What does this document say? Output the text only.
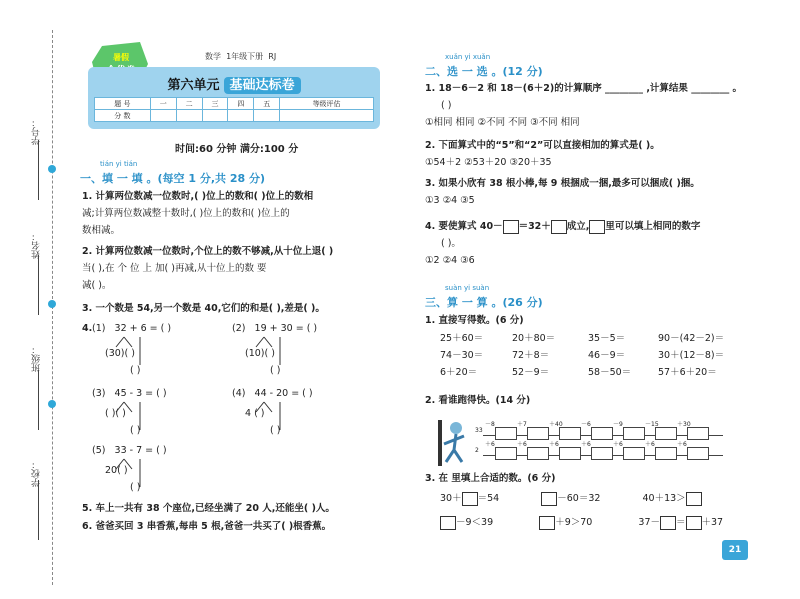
学号：
姓名：
班级：
学校：
暑假	数学 1年级下册 RJ
第六单元 基础达标卷
题 号	一	二	三	四	五	等级评估
分 数						
时间:60 分钟 满分:100 分
tián yi tián
一、填 一 填 。(每空 1 分,共 28 分)
1. 计算两位数减一位数时,( )位上的数和( )位上的数相
减;计算两位数减整十数时,( )位上的数和( )位上的
数相减。
2. 计算两位数减一位数时,个位上的数不够减,从十位上退( )
当( ),在 个 位 上 加( )再减,从十位上的数 要
减( )。
3. 一个数是 54,另一个数是 40,它们的和是( ),差是( )。
4. (1) 32 + 6 = ( )
(30)( )
( )
(2) 19 + 30 = ( )
(10)( )
( )
(3) 45 - 3 = ( )
( )( )
( )
(4) 44 - 20 = ( )
4 ( )
( )
(5) 33 - 7 = ( )
20( )
( )
5. 车上一共有 38 个座位,已经坐满了 20 人,还能坐( )人。
6. 爸爸买回 3 串香蕉,每串 5 根,爸爸一共买了( )根香蕉。
xuǎn yi xuǎn
二、选 一 选 。(12 分)
1. 18－6－2 和 18－(6＋2)的计算顺序 ________ ,计算结果 ________ 。
( )
①相同 相同 ②不同 不同 ③不同 相同
2. 下面算式中的“5”和“2”可以直接相加的算式是( )。
①54＋2 ②53＋20 ③20＋35
3. 如果小欣有 38 根小棒,每 9 根捆成一捆,最多可以捆成( )捆。
①3 ②4 ③5
4. 要使算式 40－ ＝32＋ 成立, 里可以填上相同的数字
( )。
①2 ②4 ③6
suàn yi suàn
三、算 一 算 。(26 分)
1. 直接写得数。(6 分)
25＋60＝	20＋80＝	35－5＝	90－(42－2)＝
74－30＝	72＋8＝	46－9＝	30＋(12－8)＝
6＋20＝	52－9＝	58－50＝	57＋6＋20＝
2. 看谁跑得快。(14 分)
33
2
－8	＋7	＋40	－6	－9	－15	＋30
＋6	＋6	＋6	＋6	＋6	＋6	＋6
3. 在 里填上合适的数。(6 分)
30＋ ＝54	－60＝32	40＋13＞
－9＜39	＋9＞70	37－ ＝ ＋37
21
